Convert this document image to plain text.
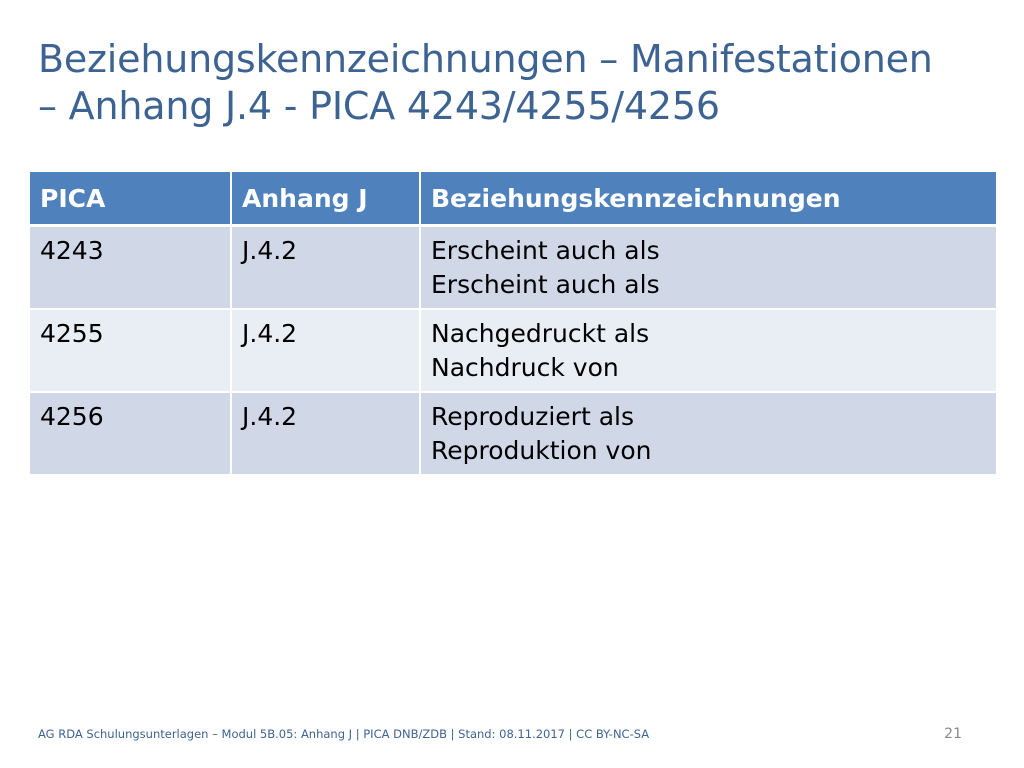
Beziehungskennzeichnungen – Manifestationen
– Anhang J.4 - PICA 4243/4255/4256
PICA	Anhang J	Beziehungskennzeichnungen
4243	J.4.2	Erscheint auch als
Erscheint auch als

4255	J.4.2	Nachgedruckt als
Nachdruck von

4256	J.4.2	Reproduziert als
Reproduktion von
AG RDA Schulungsunterlagen – Modul 5B.05: Anhang J | PICA DNB/ZDB | Stand: 08.11.2017 | CC BY-NC-SA	21
